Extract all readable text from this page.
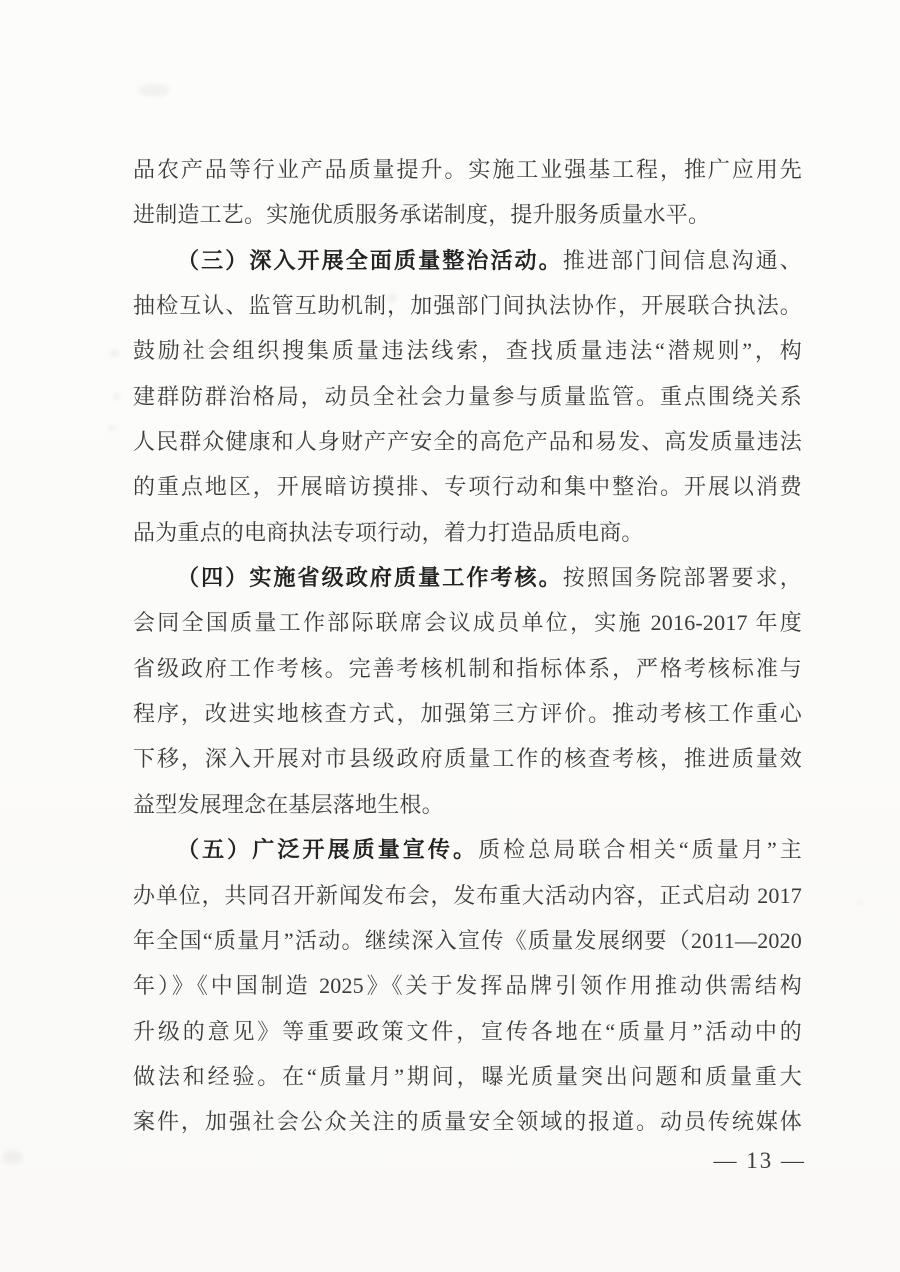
品农产品等行业产品质量提升。实施工业强基工程，推广应用先
进制造工艺。实施优质服务承诺制度，提升服务质量水平。
（三）深入开展全面质量整治活动。推进部门间信息沟通、
抽检互认、监管互助机制，加强部门间执法协作，开展联合执法。
鼓励社会组织搜集质量违法线索，查找质量违法“潜规则”，构
建群防群治格局，动员全社会力量参与质量监管。重点围绕关系
人民群众健康和人身财产产安全的高危产品和易发、高发质量违法
的重点地区，开展暗访摸排、专项行动和集中整治。开展以消费
品为重点的电商执法专项行动，着力打造品质电商。
（四）实施省级政府质量工作考核。按照国务院部署要求，
会同全国质量工作部际联席会议成员单位，实施 2016-2017 年度
省级政府工作考核。完善考核机制和指标体系，严格考核标准与
程序，改进实地核查方式，加强第三方评价。推动考核工作重心
下移，深入开展对市县级政府质量工作的核查考核，推进质量效
益型发展理念在基层落地生根。
（五）广泛开展质量宣传。质检总局联合相关“质量月”主
办单位，共同召开新闻发布会，发布重大活动内容，正式启动 2017
年全国“质量月”活动。继续深入宣传《质量发展纲要（2011—2020
年）》《中国制造 2025》《关于发挥品牌引领作用推动供需结构
升级的意见》等重要政策文件，宣传各地在“质量月”活动中的
做法和经验。在“质量月”期间，曝光质量突出问题和质量重大
案件，加强社会公众关注的质量安全领域的报道。动员传统媒体
— 13 —
